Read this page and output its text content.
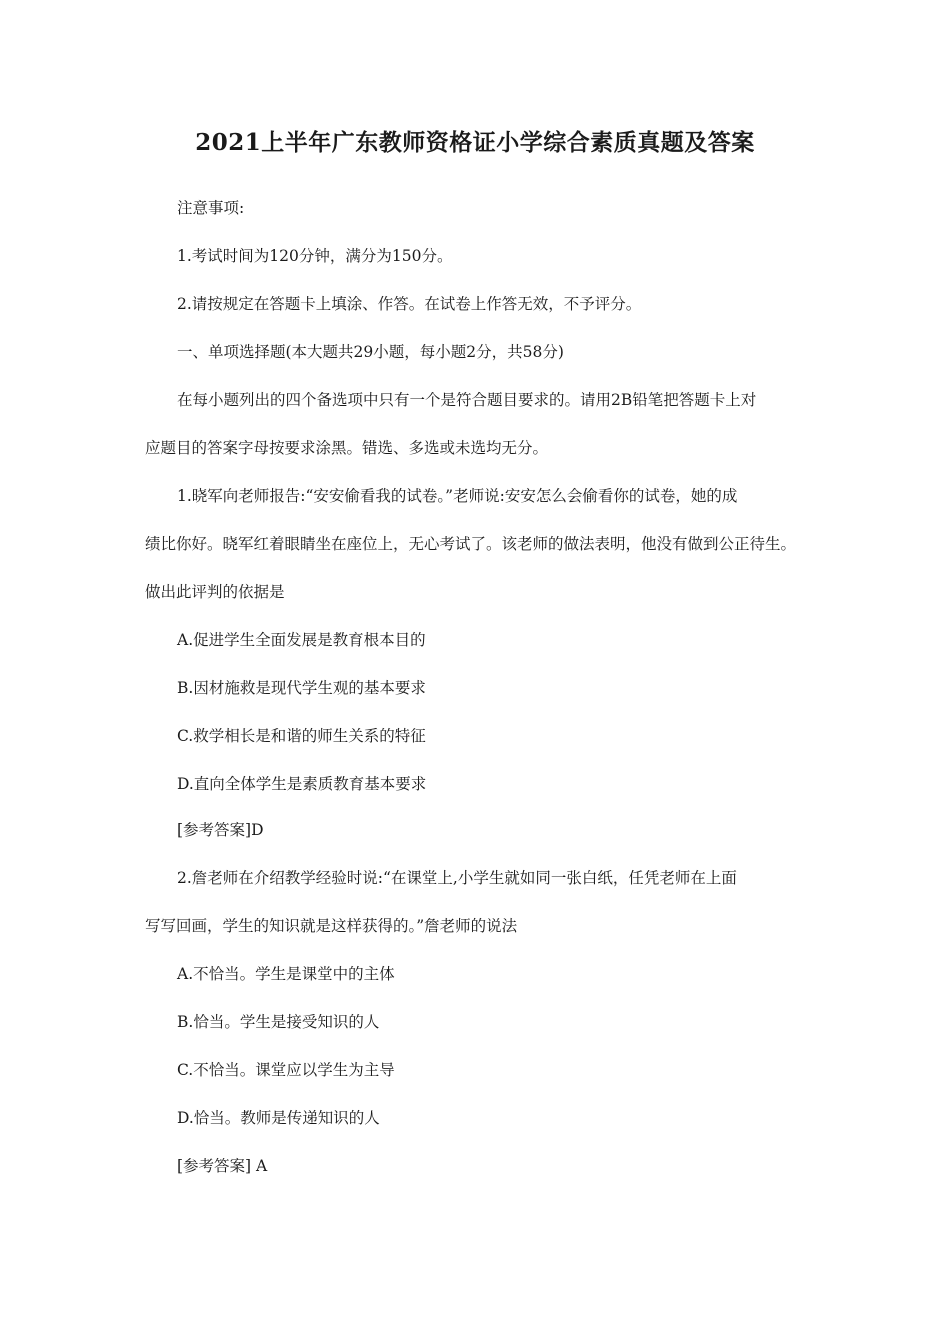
2021上半年广东教师资格证小学综合素质真题及答案

注意事项:

1.考试时间为120分钟，满分为150分。

2.请按规定在答题卡上填涂、作答。在试卷上作答无效，不予评分。

一、单项选择题(本大题共29小题，每小题2分，共58分)

在每小题列出的四个备选项中只有一个是符合题目要求的。请用2B铅笔把答题卡上对

应题目的答案字母按要求涂黑。错选、多选或未选均无分。

1.晓军向老师报告:“安安偷看我的试卷。”老师说:安安怎么会偷看你的试卷，她的成

绩比你好。晓军红着眼睛坐在座位上，无心考试了。该老师的做法表明，他没有做到公正待生。

做出此评判的依据是

A.促进学生全面发展是教育根本目的

B.因材施救是现代学生观的基本要求

C.救学相长是和谐的师生关系的特征

D.直向全体学生是素质教育基本要求

[参考答案]D

2.詹老师在介绍教学经验时说:“在课堂上,小学生就如同一张白纸，任凭老师在上面

写写回画，学生的知识就是这样获得的。”詹老师的说法

A.不恰当。学生是课堂中的主体

B.恰当。学生是接受知识的人

C.不恰当。课堂应以学生为主导

D.恰当。教师是传递知识的人

[参考答案] A
